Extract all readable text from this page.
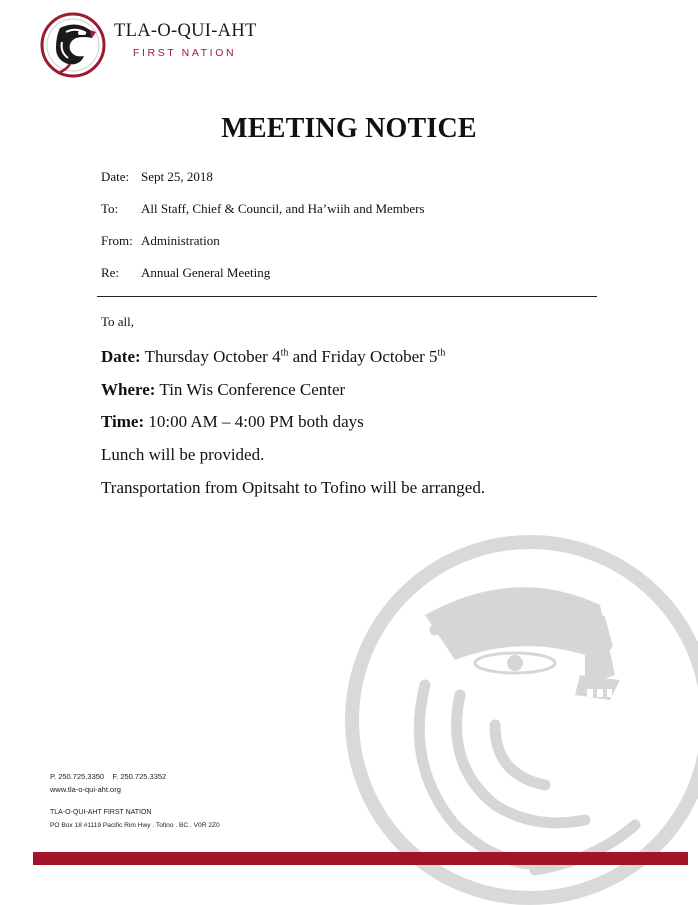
TLA-O-QUI-AHT
FIRST NATION
MEETING NOTICE
Date: Sept 25, 2018
To: All Staff, Chief & Council, and Ha’wiih and Members
From: Administration
Re: Annual General Meeting
To all,
Date: Thursday October 4th and Friday October 5th
Where: Tin Wis Conference Center
Time: 10:00 AM – 4:00 PM both days
Lunch will be provided.
Transportation from Opitsaht to Tofino will be arranged.
P. 250.725.3350    F. 250.725.3352
www.tla-o-qui-aht.org
TLA-O-QUI-AHT FIRST NATION
PO Box 18 #1119 Pacific Rim Hwy . Tofino . BC . V0R 2Z0
